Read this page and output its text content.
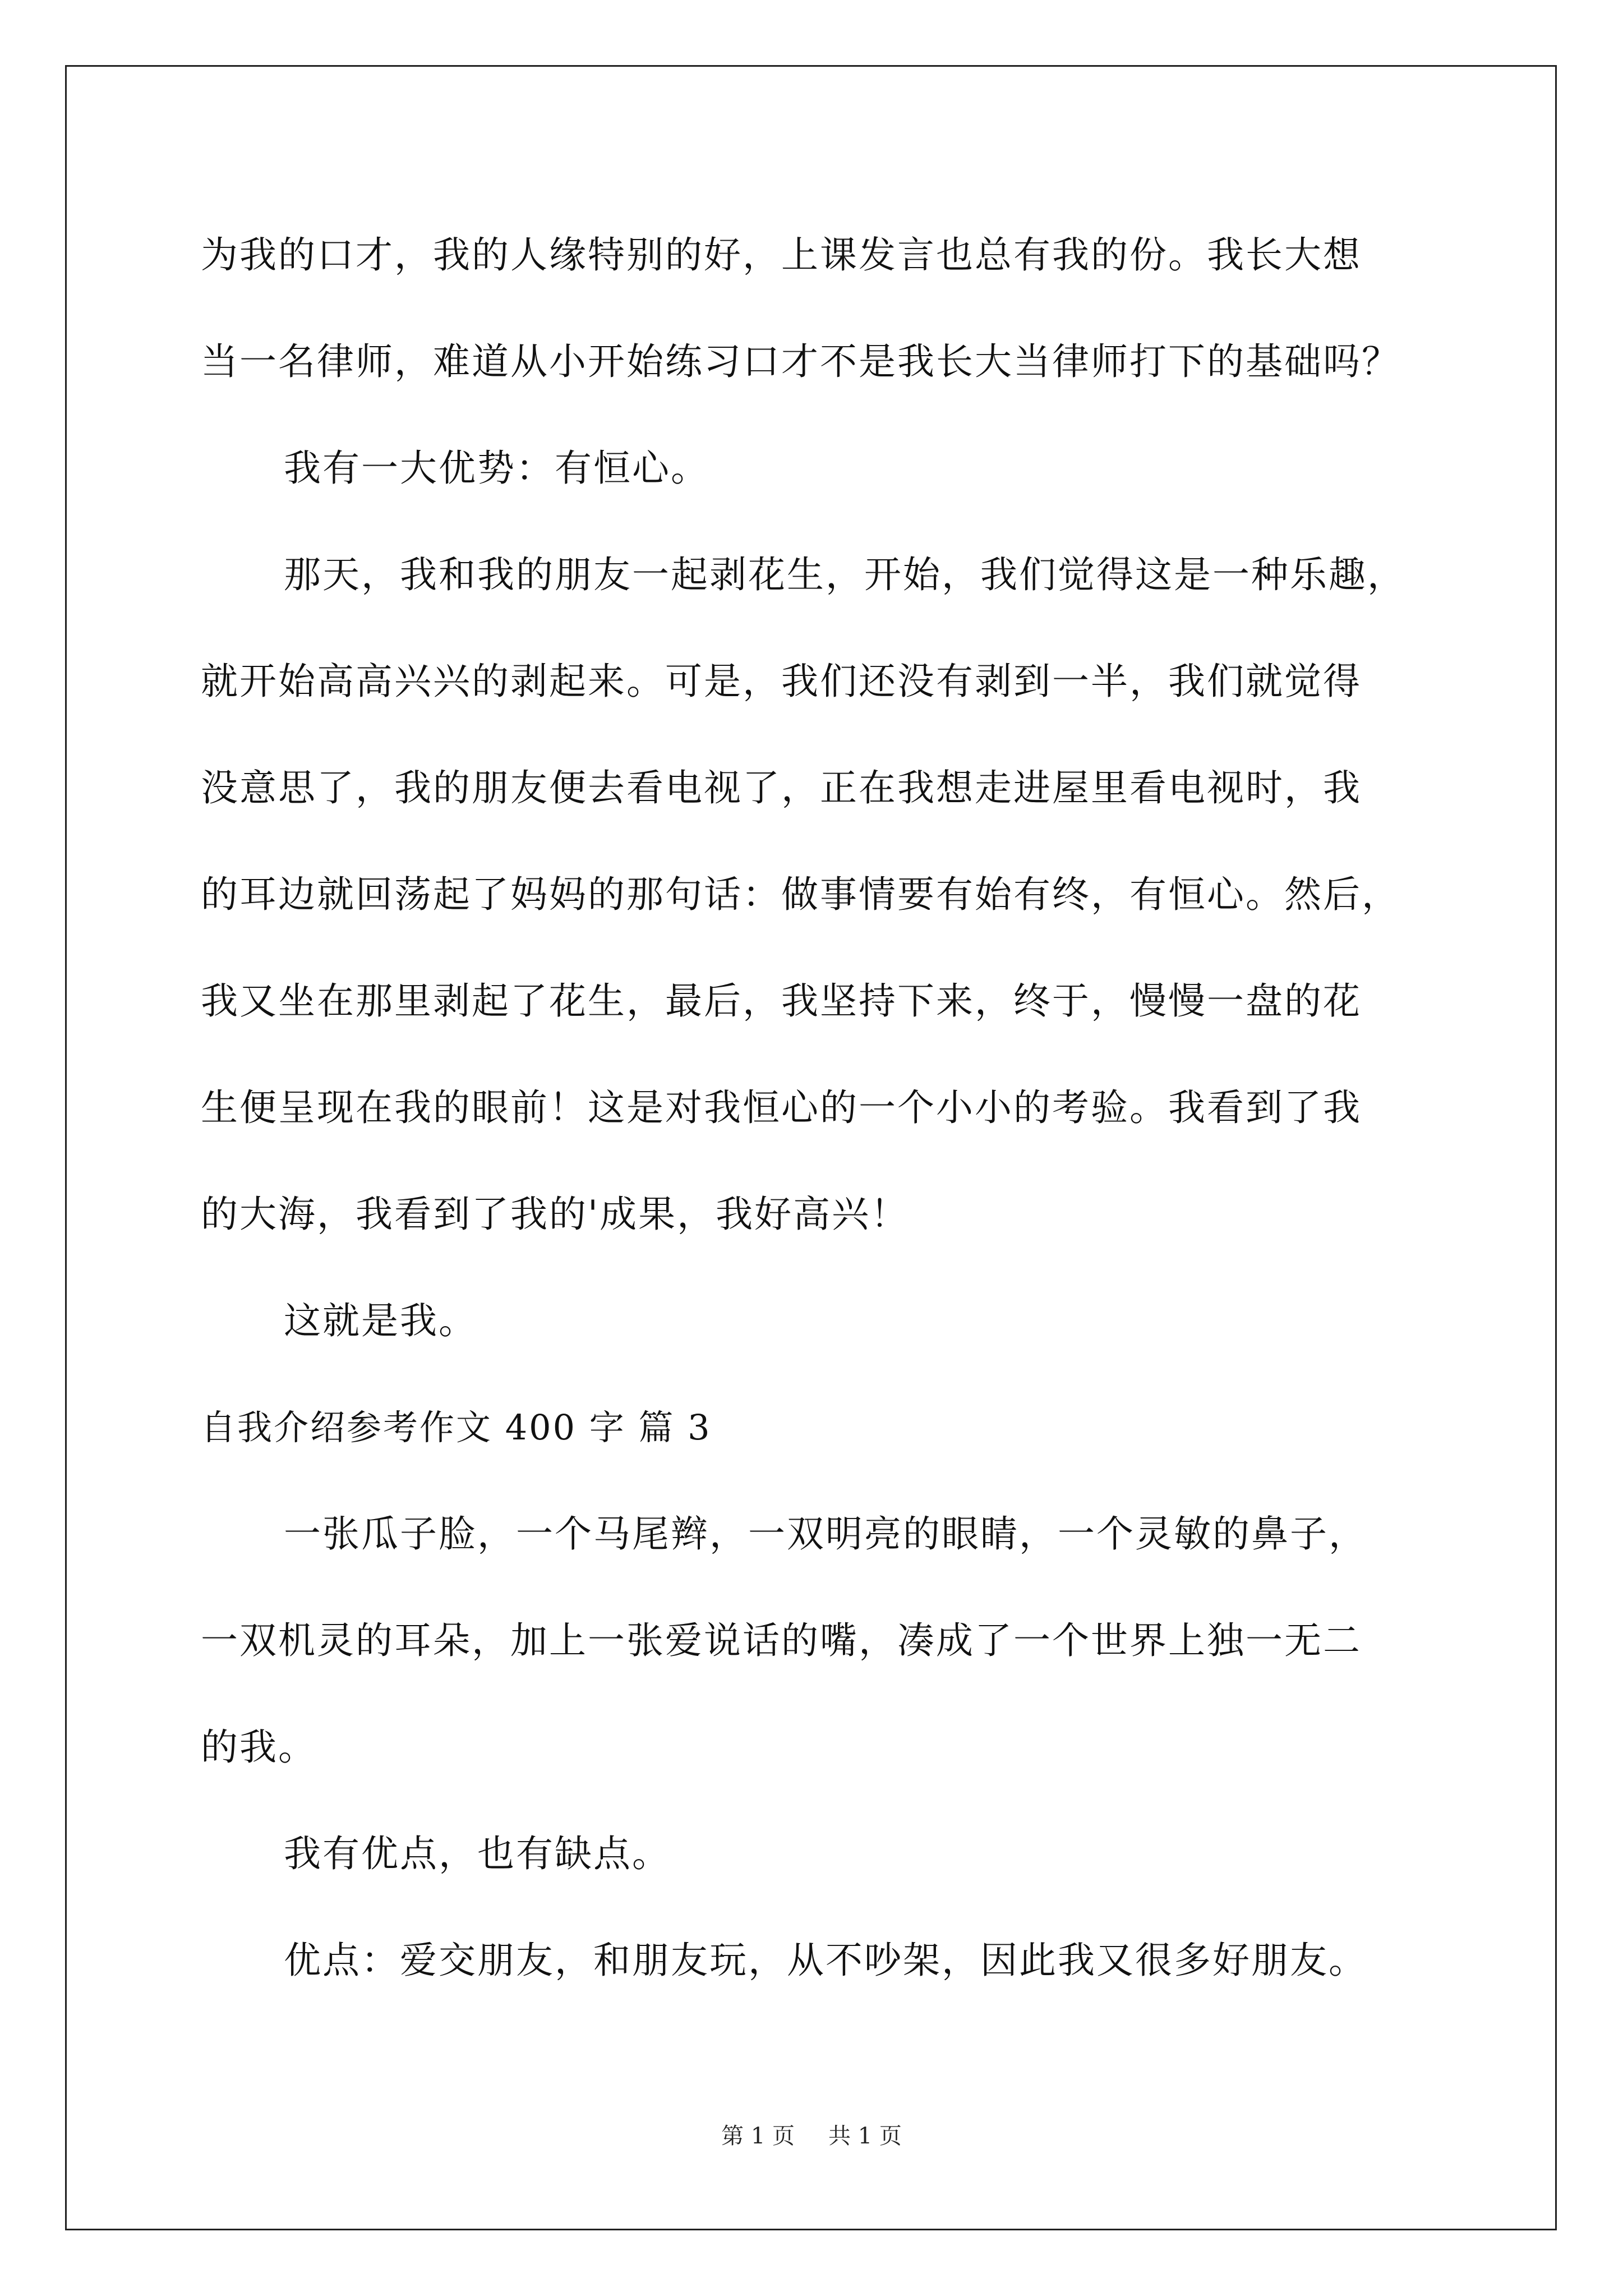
为我的口才，我的人缘特别的好，上课发言也总有我的份。我长大想
当一名律师，难道从小开始练习口才不是我长大当律师打下的基础吗？
我有一大优势：有恒心。
那天，我和我的朋友一起剥花生，开始，我们觉得这是一种乐趣，
就开始高高兴兴的剥起来。可是，我们还没有剥到一半，我们就觉得
没意思了，我的朋友便去看电视了，正在我想走进屋里看电视时，我
的耳边就回荡起了妈妈的那句话：做事情要有始有终，有恒心。然后，
我又坐在那里剥起了花生，最后，我坚持下来，终于，慢慢一盘的花
生便呈现在我的眼前！这是对我恒心的一个小小的考验。我看到了我
的大海，我看到了我的'成果，我好高兴！
这就是我。
自我介绍参考作文 400 字 篇 3
一张瓜子脸，一个马尾辫，一双明亮的眼睛，一个灵敏的鼻子，
一双机灵的耳朵，加上一张爱说话的嘴，凑成了一个世界上独一无二
的我。
我有优点，也有缺点。
优点：爱交朋友，和朋友玩，从不吵架，因此我又很多好朋友。
第 1 页 共 1 页
